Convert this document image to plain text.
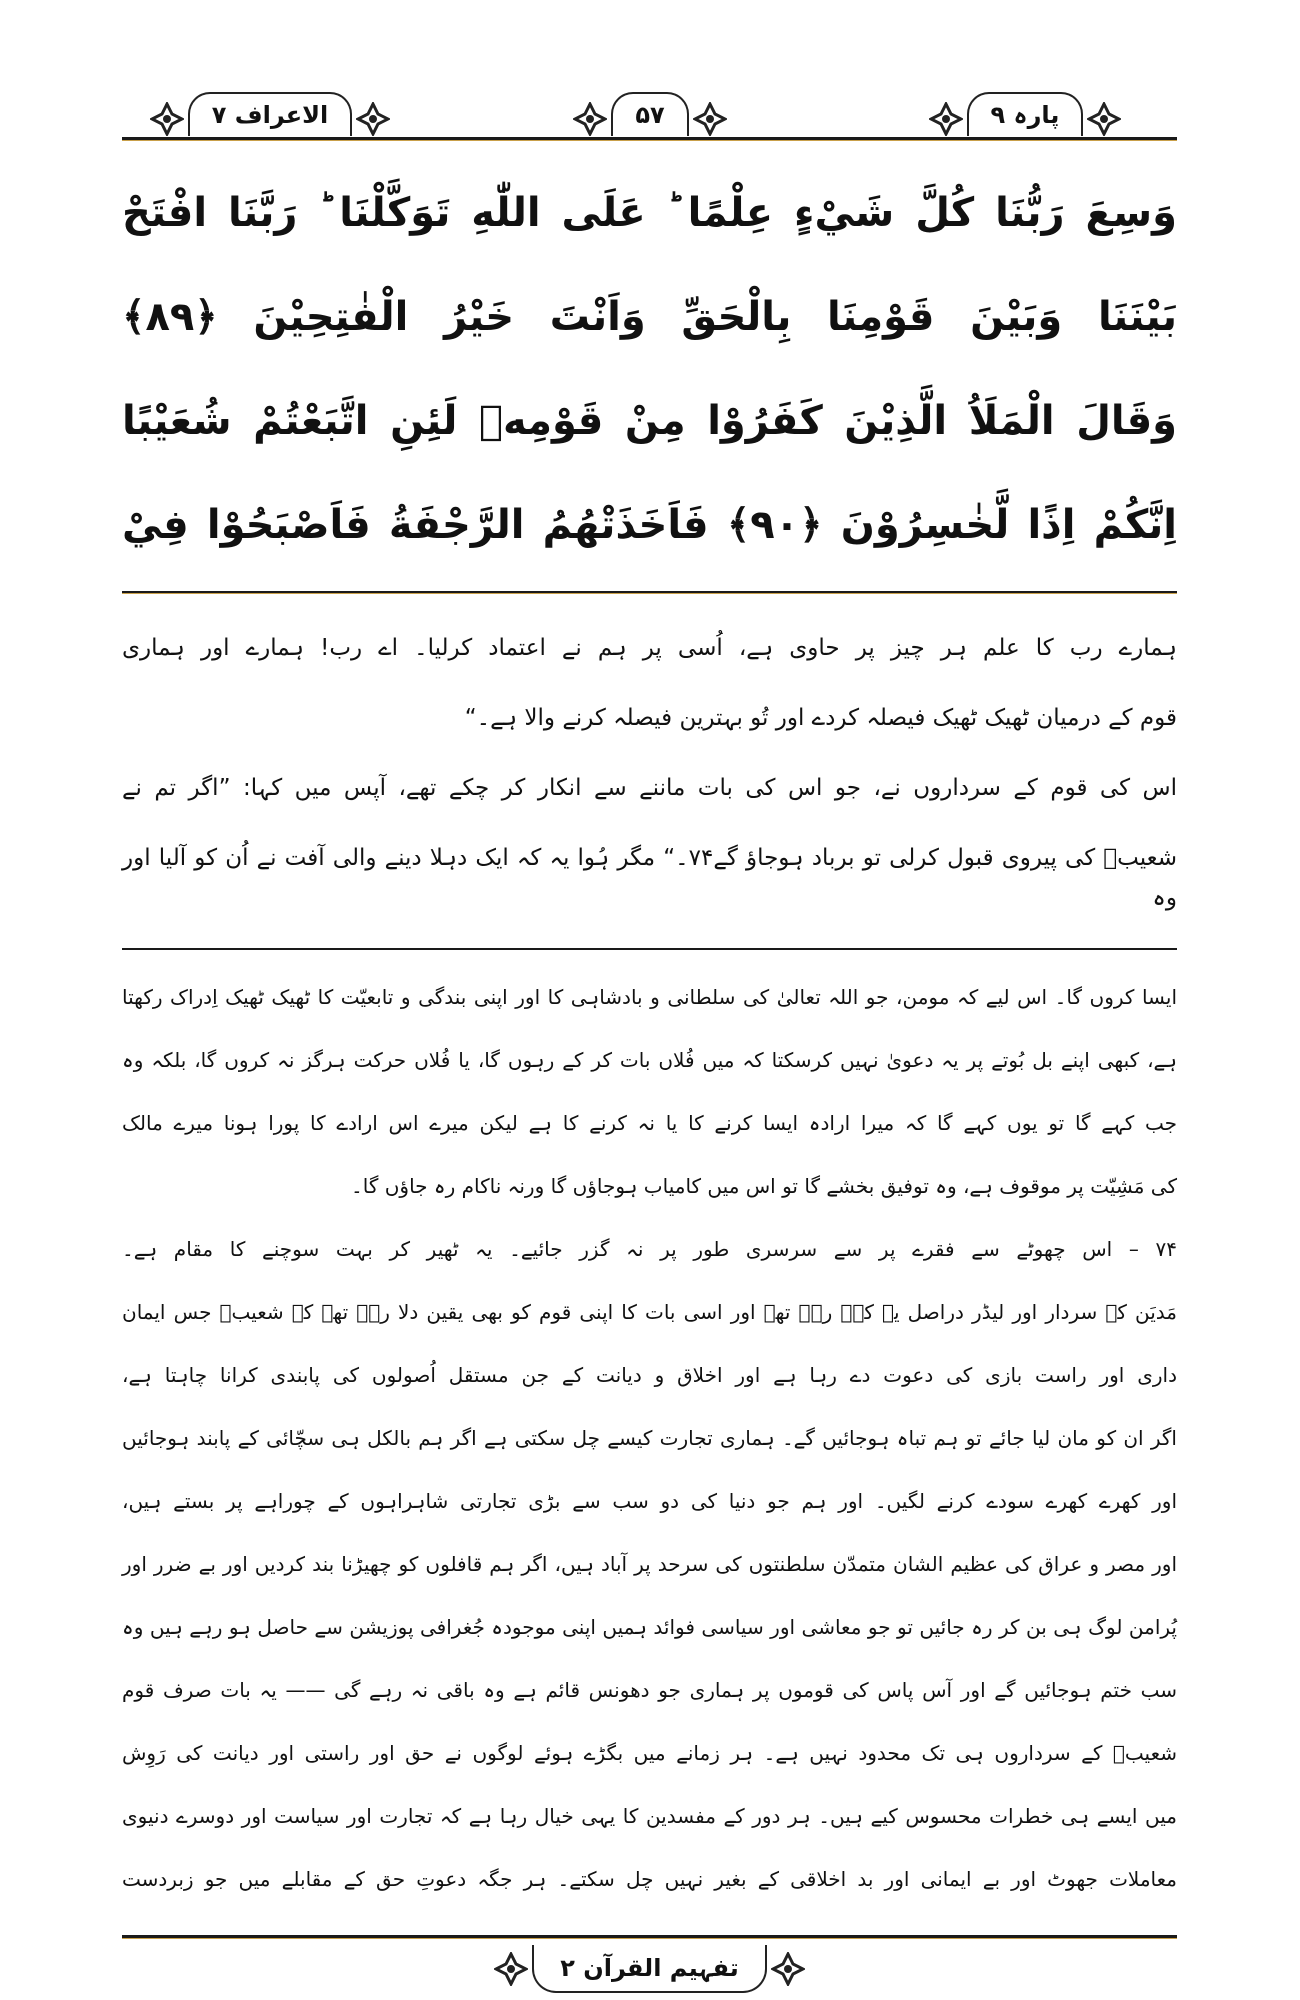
الاعراف ۷	۵۷	پارہ ۹
وَسِعَ رَبُّنَا كُلَّ شَيْءٍ عِلْمًا ؕ عَلَى اللّٰهِ تَوَكَّلْنَا ؕ رَبَّنَا افْتَحْ
بَيْنَنَا وَبَيْنَ قَوْمِنَا بِالْحَقِّ وَاَنْتَ خَيْرُ الْفٰتِحِيْنَ ﴿٨٩﴾
وَقَالَ الْمَلَاُ الَّذِيْنَ كَفَرُوْا مِنْ قَوْمِهٖ لَئِنِ اتَّبَعْتُمْ شُعَيْبًا
اِنَّكُمْ اِذًا لَّخٰسِرُوْنَ ﴿٩٠﴾ فَاَخَذَتْهُمُ الرَّجْفَةُ فَاَصْبَحُوْا فِيْ
ہمارے رب کا علم ہر چیز پر حاوی ہے، اُسی پر ہم نے اعتماد کرلیا۔ اے رب! ہمارے اور ہماری
قوم کے درمیان ٹھیک ٹھیک فیصلہ کردے اور تُو بہترین فیصلہ کرنے والا ہے۔“
اس کی قوم کے سرداروں نے، جو اس کی بات ماننے سے انکار کر چکے تھے، آپس میں کہا: ”اگر تم نے
شعیبؑ کی پیروی قبول کرلی تو برباد ہوجاؤ گے۷۴۔“ مگر ہُوا یہ کہ ایک دہلا دینے والی آفت نے اُن کو آلیا اور وہ
ایسا کروں گا۔ اس لیے کہ مومن، جو اللہ تعالیٰ کی سلطانی و بادشاہی کا اور اپنی بندگی و تابعیّت کا ٹھیک ٹھیک اِدراک رکھتا
ہے، کبھی اپنے بل بُوتے پر یہ دعویٰ نہیں کرسکتا کہ میں فُلاں بات کر کے رہوں گا، یا فُلاں حرکت ہرگز نہ کروں گا، بلکہ وہ
جب کہے گا تو یوں کہے گا کہ میرا ارادہ ایسا کرنے کا یا نہ کرنے کا ہے لیکن میرے اس ارادے کا پورا ہونا میرے مالک
کی مَشِیّت پر موقوف ہے، وہ توفیق بخشے گا تو اس میں کامیاب ہوجاؤں گا ورنہ ناکام رہ جاؤں گا۔
۷۴ – اس چھوٹے سے فقرے پر سے سرسری طور پر نہ گزر جائیے۔ یہ ٹھیر کر بہت سوچنے کا مقام ہے۔
مَدیَن کے سردار اور لیڈر دراصل یہ کہہ رہے تھے اور اسی بات کا اپنی قوم کو بھی یقین دلا رہے تھے کہ شعیبؑ جس ایمان
داری اور راست بازی کی دعوت دے رہا ہے اور اخلاق و دیانت کے جن مستقل اُصولوں کی پابندی کرانا چاہتا ہے،
اگر ان کو مان لیا جائے تو ہم تباہ ہوجائیں گے۔ ہماری تجارت کیسے چل سکتی ہے اگر ہم بالکل ہی سچّائی کے پابند ہوجائیں
اور کھرے کھرے سودے کرنے لگیں۔ اور ہم جو دنیا کی دو سب سے بڑی تجارتی شاہراہوں کے چوراہے پر بستے ہیں،
اور مصر و عراق کی عظیم الشان متمدّن سلطنتوں کی سرحد پر آباد ہیں، اگر ہم قافلوں کو چھیڑنا بند کردیں اور بے ضرر اور
پُرامن لوگ ہی بن کر رہ جائیں تو جو معاشی اور سیاسی فوائد ہمیں اپنی موجودہ جُغرافی پوزیشن سے حاصل ہو رہے ہیں وہ
سب ختم ہوجائیں گے اور آس پاس کی قوموں پر ہماری جو دھونس قائم ہے وہ باقی نہ رہے گی —— یہ بات صرف قوم
شعیبؑ کے سرداروں ہی تک محدود نہیں ہے۔ ہر زمانے میں بگڑے ہوئے لوگوں نے حق اور راستی اور دیانت کی رَوِش
میں ایسے ہی خطرات محسوس کیے ہیں۔ ہر دور کے مفسدین کا یہی خیال رہا ہے کہ تجارت اور سیاست اور دوسرے دنیوی
معاملات جھوٹ اور بے ایمانی اور بد اخلاقی کے بغیر نہیں چل سکتے۔ ہر جگہ دعوتِ حق کے مقابلے میں جو زبردست
تفہیم القرآن ۲
